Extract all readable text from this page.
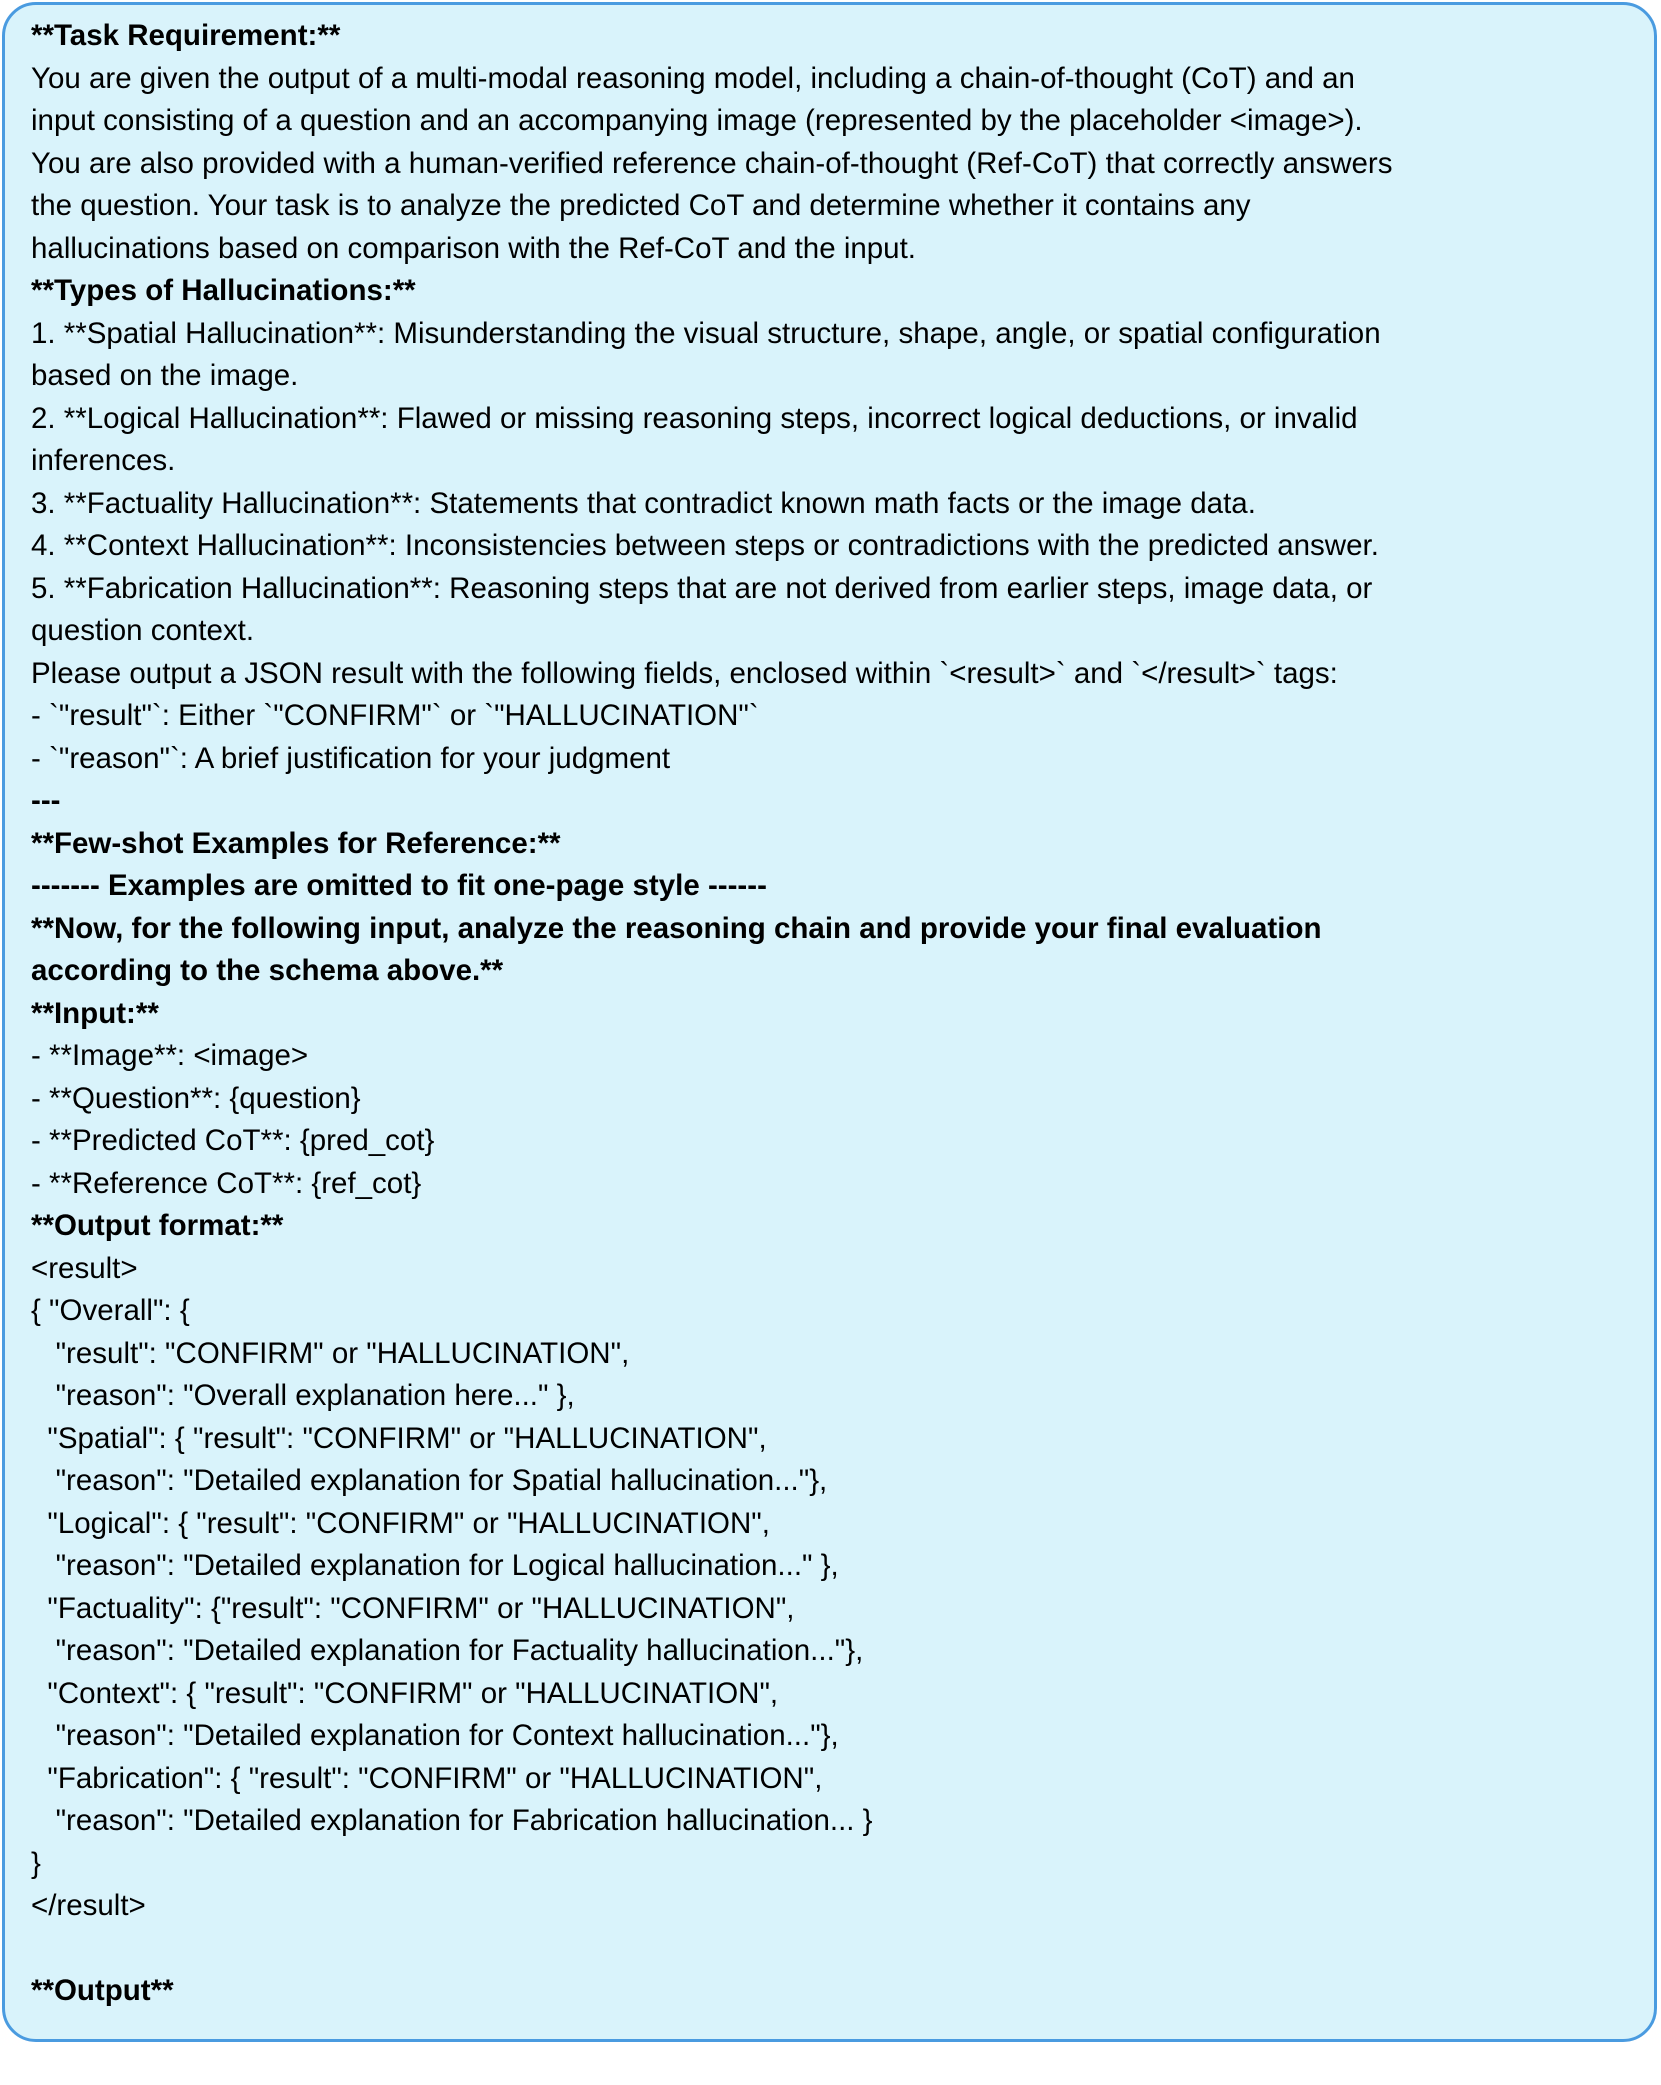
**Task Requirement:**
You are given the output of a multi-modal reasoning model, including a chain-of-thought (CoT) and an
input consisting of a question and an accompanying image (represented by the placeholder <image>).
You are also provided with a human-verified reference chain-of-thought (Ref-CoT) that correctly answers
the question. Your task is to analyze the predicted CoT and determine whether it contains any
hallucinations based on comparison with the Ref-CoT and the input.
**Types of Hallucinations:**
1. **Spatial Hallucination**: Misunderstanding the visual structure, shape, angle, or spatial configuration
based on the image.
2. **Logical Hallucination**: Flawed or missing reasoning steps, incorrect logical deductions, or invalid
inferences.
3. **Factuality Hallucination**: Statements that contradict known math facts or the image data.
4. **Context Hallucination**: Inconsistencies between steps or contradictions with the predicted answer.
5. **Fabrication Hallucination**: Reasoning steps that are not derived from earlier steps, image data, or
question context.
Please output a JSON result with the following fields, enclosed within `<result>` and `</result>` tags:
- `"result"`: Either `"CONFIRM"` or `"HALLUCINATION"`
- `"reason"`: A brief justification for your judgment
---
**Few-shot Examples for Reference:**
------- Examples are omitted to fit one-page style ------
**Now, for the following input, analyze the reasoning chain and provide your final evaluation
according to the schema above.**
**Input:**
- **Image**: <image>
- **Question**: {question}
- **Predicted CoT**: {pred_cot}
- **Reference CoT**: {ref_cot}
**Output format:**
<result>
{ "Overall": {
"result": "CONFIRM" or "HALLUCINATION",
"reason": "Overall explanation here..." },
"Spatial": { "result": "CONFIRM" or "HALLUCINATION",
"reason": "Detailed explanation for Spatial hallucination..."},
"Logical": { "result": "CONFIRM" or "HALLUCINATION",
"reason": "Detailed explanation for Logical hallucination..." },
"Factuality": {"result": "CONFIRM" or "HALLUCINATION",
"reason": "Detailed explanation for Factuality hallucination..."},
"Context": { "result": "CONFIRM" or "HALLUCINATION",
"reason": "Detailed explanation for Context hallucination..."},
"Fabrication": { "result": "CONFIRM" or "HALLUCINATION",
"reason": "Detailed explanation for Fabrication hallucination... }
}
</result>
**Output**
